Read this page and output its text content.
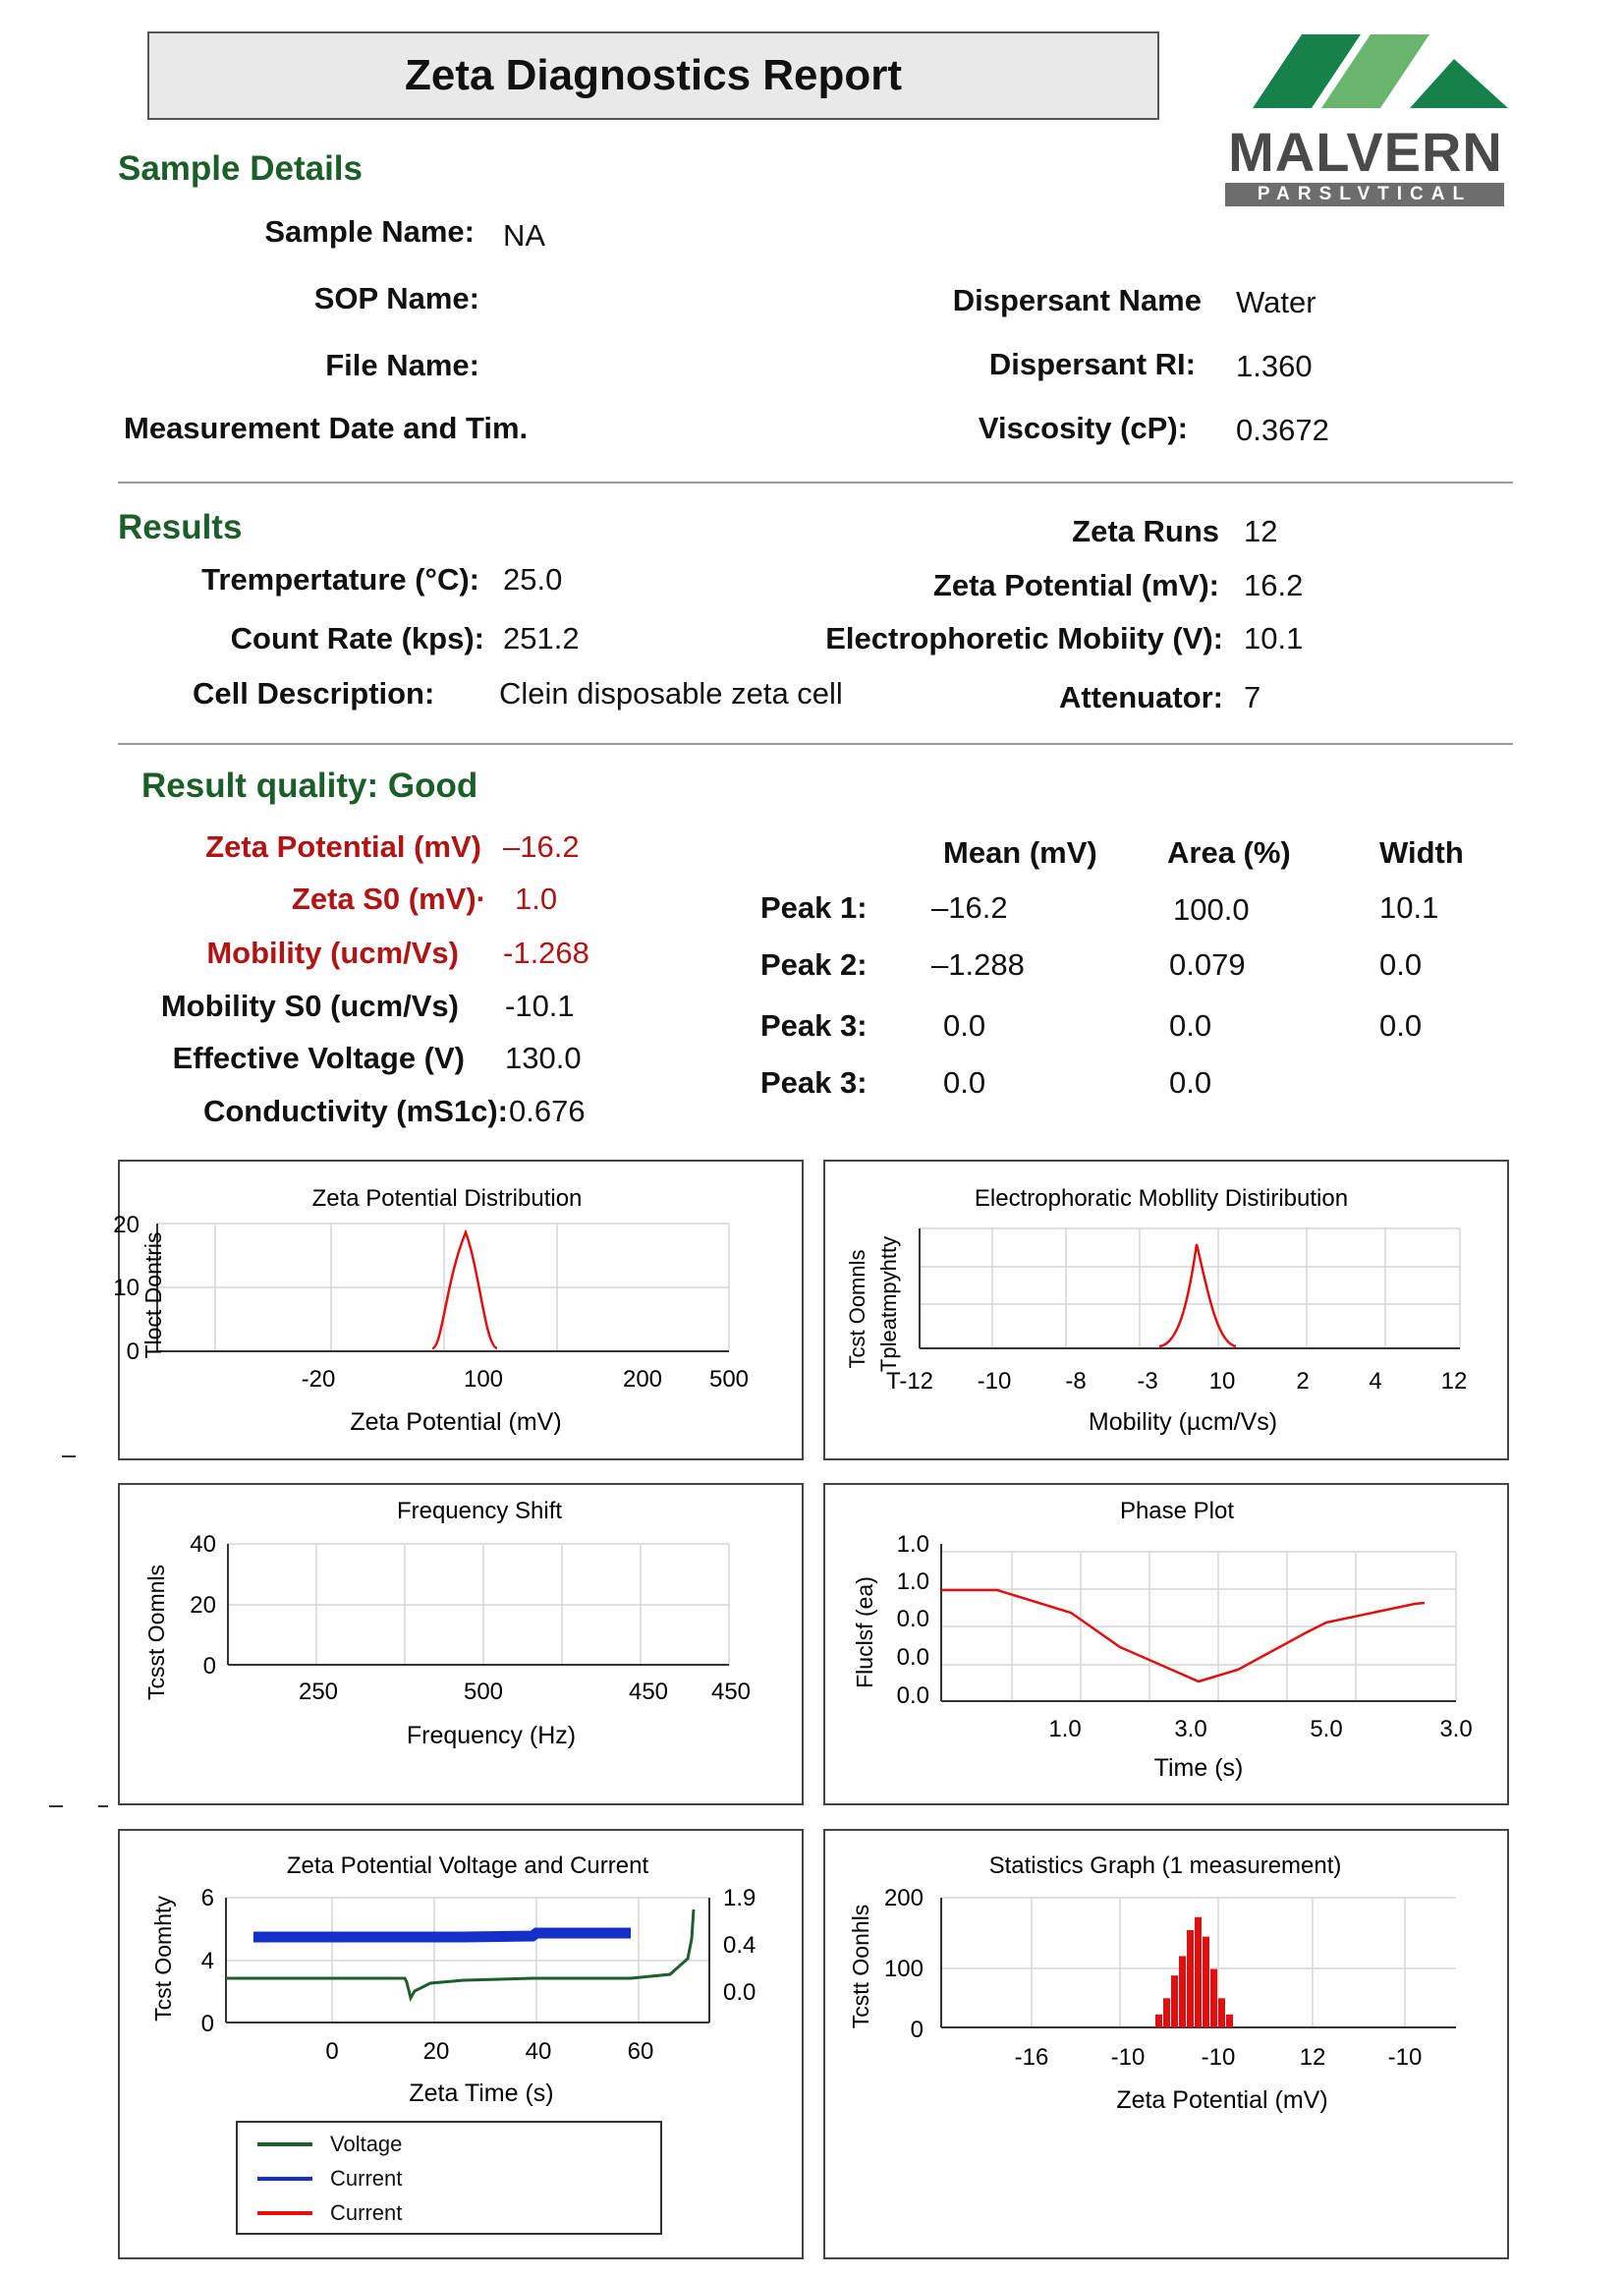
Zeta Diagnostics Report
MALVERN
PARSLVTICAL
Sample Details
Sample Name: NA
SOP Name:
File Name:
Measurement Date and Tim.
Dispersant Name Water
Dispersant RI: 1.360
Viscosity (cP): 0.3672
Results
Trempertature (°C): 25.0
Count Rate (kps): 251.2
Cell Description: Clein disposable zeta cell
Zeta Runs 12
Zeta Potential (mV): 16.2
Electrophoretic Mobiity (V): 10.1
Attenuator: 7
Result quality: Good
Zeta Potential (mV) –16.2
Zeta S0 (mV)· 1.0
Mobility (ucm/Vs) -1.268
Mobility S0 (ucm/Vs) -10.1
Effective Voltage (V) 130.0
Conductivity (mS1c): 0.676
Mean (mV) Area (%)	Width
Peak 1: –16.2	100.0	10.1
Peak 2: –1.288	0.079	0.0
Peak 3: 0.0	0.0	0.0
Peak 3: 0.0	0.0
Zeta Potential Distribution
20
10
0
-20	100	200 500
Zeta Potential (mV)
Tloct Dontris
Electrophoratic Mobllity Distiribution
T-12 -10 -8 -3 10	2	4 12
Mobility (µcm/Vs)
Tcst Oomnls Tpleatmpyhtty
Frequency Shift
40
20
0
250	500	450 450
Frequency (Hz)
Tcsst Oomnls
Phase Plot
1.0
1.0
0.0
0.0
0.0
1.0	3.0	5.0	3.0
Time (s)
Fluclsf (ea)
Zeta Potential Voltage and Current
6
4
0
1.9
0.4
0.0
0	20	40	60
Zeta Time (s)
Tcst Oomhty
Voltage
Current
Current
Statistics Graph (1 measurement)
200
100
0
-16	-10 -10	12	-10
Zeta Potential (mV)
Tcstt Oonhls
